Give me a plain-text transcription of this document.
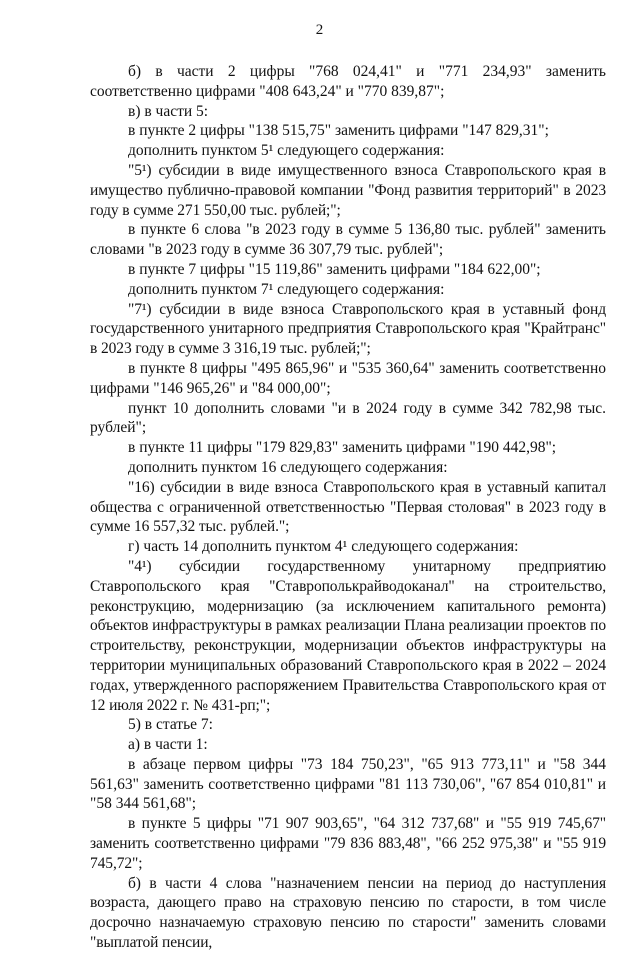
2

б) в части 2 цифры "768 024,41" и "771 234,93" заменить соответственно цифрами "408 643,24" и "770 839,87";

в) в части 5:

в пункте 2 цифры "138 515,75" заменить цифрами "147 829,31";

дополнить пунктом 5¹ следующего содержания:

"5¹) субсидии в виде имущественного взноса Ставропольского края в имущество публично-правовой компании "Фонд развития территорий" в 2023 году в сумме 271 550,00 тыс. рублей;";

в пункте 6 слова "в 2023 году в сумме 5 136,80 тыс. рублей" заменить словами "в 2023 году в сумме 36 307,79 тыс. рублей";

в пункте 7 цифры "15 119,86" заменить цифрами "184 622,00";

дополнить пунктом 7¹ следующего содержания:

"7¹) субсидии в виде взноса Ставропольского края в уставный фонд государственного унитарного предприятия Ставропольского края "Крайтранс" в 2023 году в сумме 3 316,19 тыс. рублей;";

в пункте 8 цифры "495 865,96" и "535 360,64" заменить соответственно цифрами "146 965,26" и "84 000,00";

пункт 10 дополнить словами "и в 2024 году в сумме 342 782,98 тыс. рублей";

в пункте 11 цифры "179 829,83" заменить цифрами "190 442,98";

дополнить пунктом 16 следующего содержания:

"16) субсидии в виде взноса Ставропольского края в уставный капитал общества с ограниченной ответственностью "Первая столовая" в 2023 году в сумме 16 557,32 тыс. рублей.";

г) часть 14 дополнить пунктом 4¹ следующего содержания:

"4¹) субсидии государственному унитарному предприятию Ставропольского края "Ставрополькрайводоканал" на строительство, реконструкцию, модернизацию (за исключением капитального ремонта) объектов инфраструктуры в рамках реализации Плана реализации проектов по строительству, реконструкции, модернизации объектов инфраструктуры на территории муниципальных образований Ставропольского края в 2022 – 2024 годах, утвержденного распоряжением Правительства Ставропольского края от 12 июля 2022 г. № 431-рп;";

5) в статье 7:

а) в части 1:

в абзаце первом цифры "73 184 750,23", "65 913 773,11" и "58 344 561,63" заменить соответственно цифрами "81 113 730,06", "67 854 010,81" и "58 344 561,68";

в пункте 5 цифры "71 907 903,65", "64 312 737,68" и "55 919 745,67" заменить соответственно цифрами "79 836 883,48", "66 252 975,38" и "55 919 745,72";

б) в части 4 слова "назначением пенсии на период до наступления возраста, дающего право на страховую пенсию по старости, в том числе досрочно назначаемую страховую пенсию по старости" заменить словами "выплатой пенсии,
